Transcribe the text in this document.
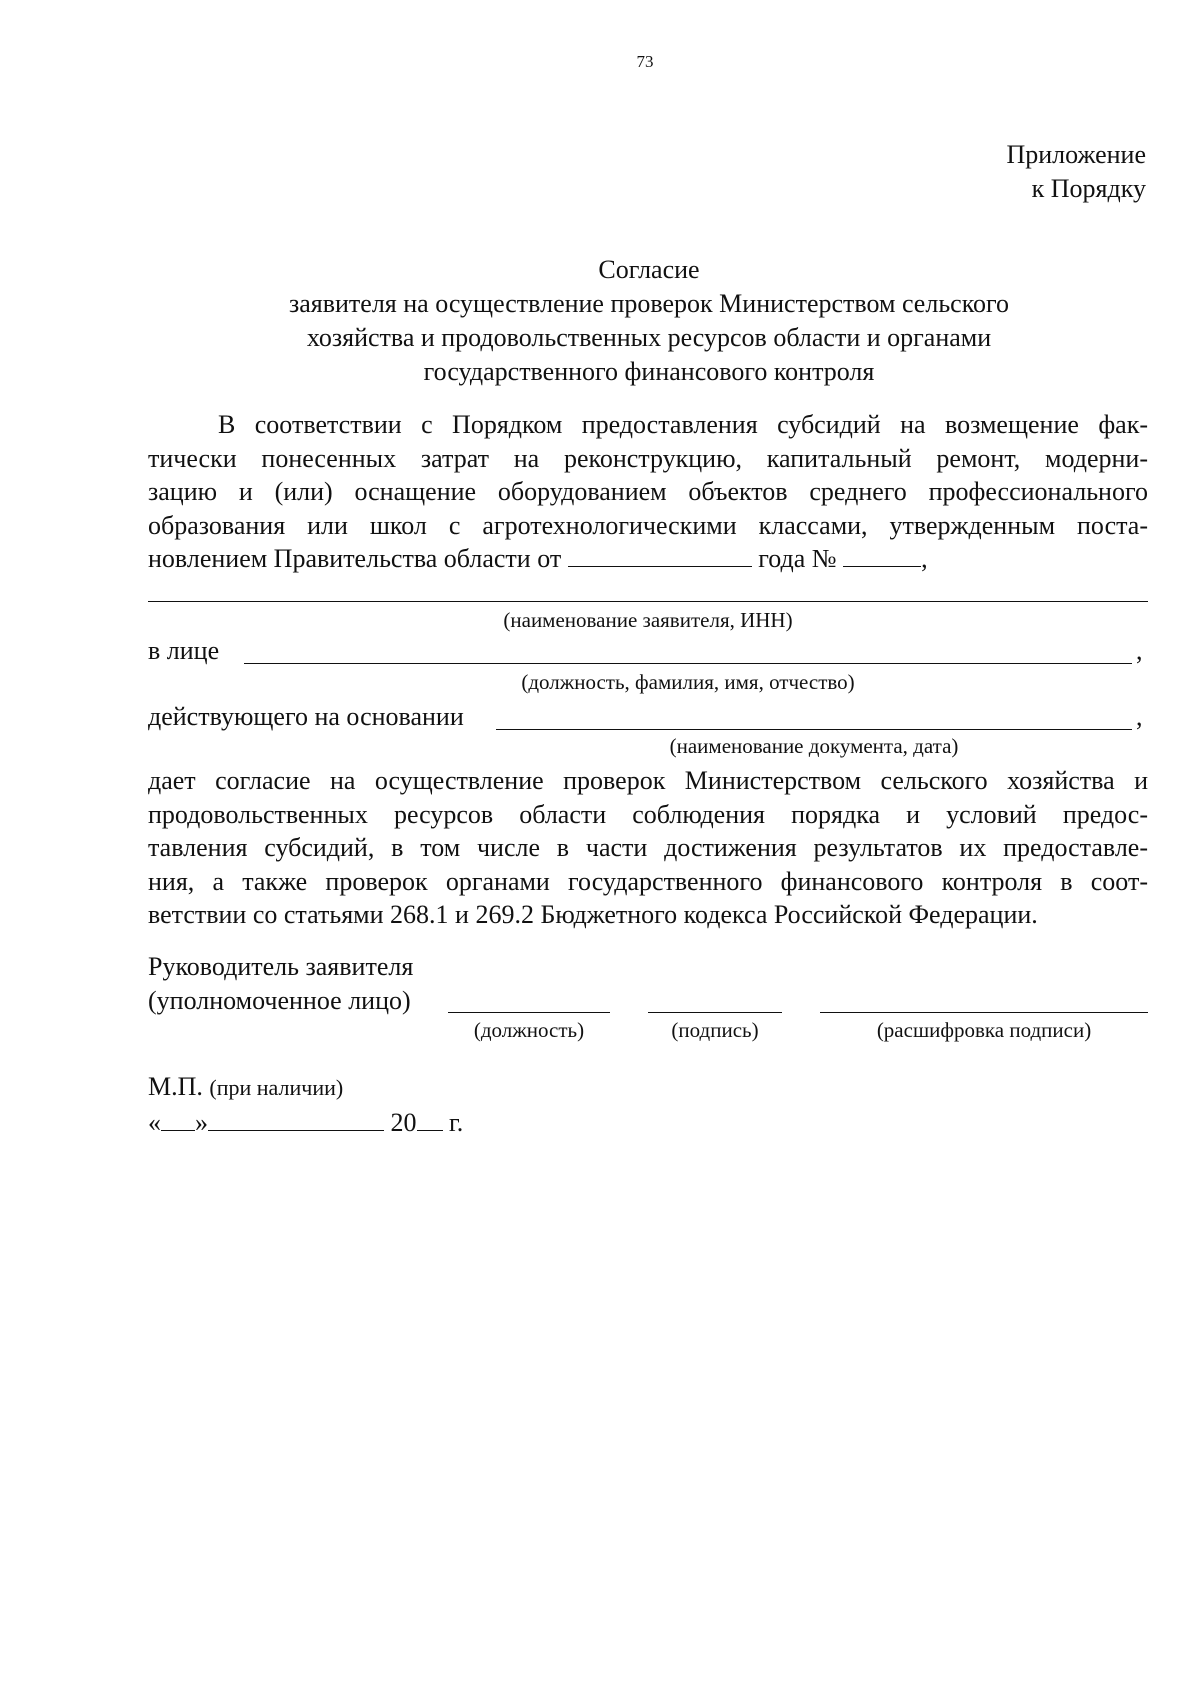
73
Приложение
к Порядку
Согласие
заявителя на осуществление проверок Министерством сельского
хозяйства и продовольственных ресурсов области и органами
государственного финансового контроля
В соответствии с Порядком предоставления субсидий на возмещение фак-
тически понесенных затрат на реконструкцию, капитальный ремонт, модерни-
зацию и (или) оснащение оборудованием объектов среднего профессионального
образования или школ с агротехнологическими классами, утвержденным поста-
новлением Правительства области от	года №	,
(наименование заявителя, ИНН)
в лице	,
(должность, фамилия, имя, отчество)
действующего на основании	,
(наименование документа, дата)
дает согласие на осуществление проверок Министерством сельского хозяйства и
продовольственных ресурсов области соблюдения порядка и условий предос-
тавления субсидий, в том числе в части достижения результатов их предоставле-
ния, а также проверок органами государственного финансового контроля в соот-
ветствии со статьями 268.1 и 269.2 Бюджетного кодекса Российской Федерации.
Руководитель заявителя
(уполномоченное лицо)
(должность)	(подпись)	(расшифровка подписи)
М.П. (при наличии)
« »	20 г.
